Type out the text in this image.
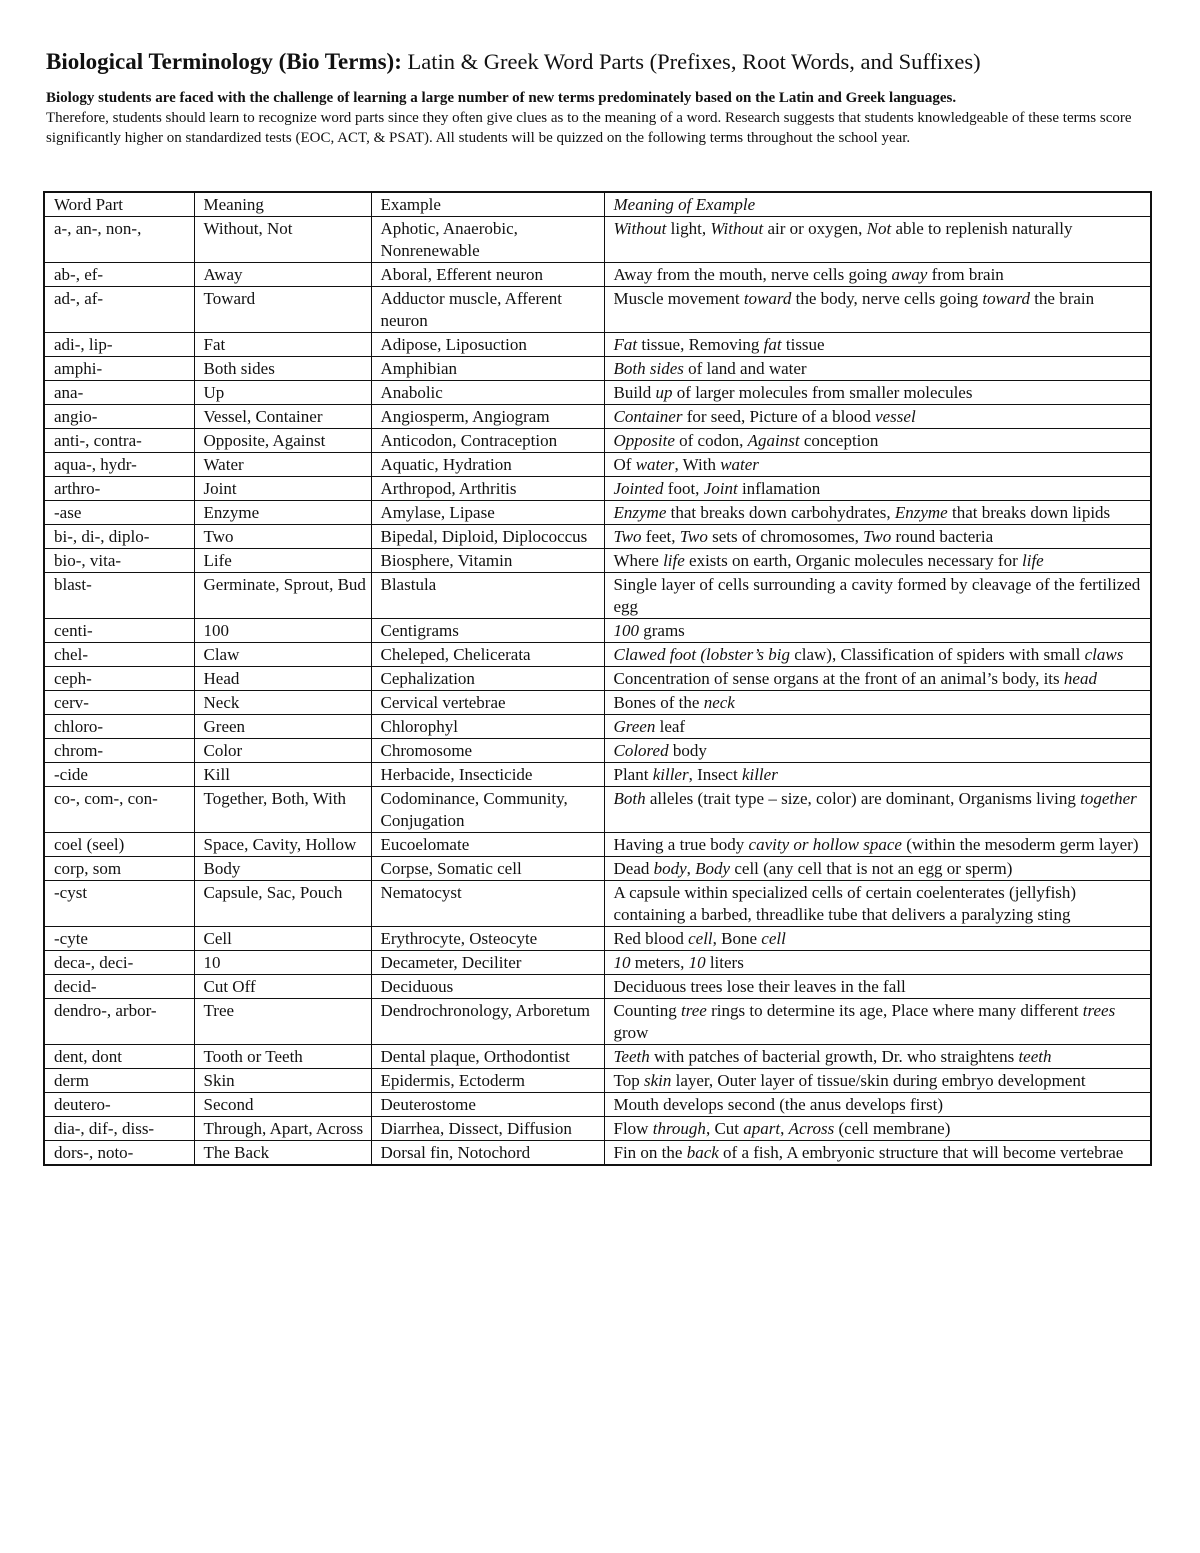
Biological Terminology (Bio Terms): Latin & Greek Word Parts (Prefixes, Root Words, and Suffixes)
Biology students are faced with the challenge of learning a large number of new terms predominately based on the Latin and Greek languages.
Therefore, students should learn to recognize word parts since they often give clues as to the meaning of a word. Research suggests that students knowledgeable of these terms score significantly higher on standardized tests (EOC, ACT, & PSAT). All students will be quizzed on the following terms throughout the school year.
Word Part	Meaning	Example	Meaning of Example
a-, an-, non-,	Without, Not	Aphotic, Anaerobic, Nonrenewable	Without light, Without air or oxygen, Not able to replenish naturally
ab-, ef-	Away	Aboral, Efferent neuron	Away from the mouth, nerve cells going away from brain
ad-, af-	Toward	Adductor muscle, Afferent neuron	Muscle movement toward the body, nerve cells going toward the brain
adi-, lip-	Fat	Adipose, Liposuction	Fat tissue, Removing fat tissue
amphi-	Both sides	Amphibian	Both sides of land and water
ana-	Up	Anabolic	Build up of larger molecules from smaller molecules
angio-	Vessel, Container	Angiosperm, Angiogram	Container for seed, Picture of a blood vessel
anti-, contra-	Opposite, Against	Anticodon, Contraception	Opposite of codon, Against conception
aqua-, hydr-	Water	Aquatic, Hydration	Of water, With water
arthro-	Joint	Arthropod, Arthritis	Jointed foot, Joint inflamation
-ase	Enzyme	Amylase, Lipase	Enzyme that breaks down carbohydrates, Enzyme that breaks down lipids
bi-, di-, diplo-	Two	Bipedal, Diploid, Diplococcus	Two feet, Two sets of chromosomes, Two round bacteria
bio-, vita-	Life	Biosphere, Vitamin	Where life exists on earth, Organic molecules necessary for life
blast-	Germinate, Sprout, Bud	Blastula	Single layer of cells surrounding a cavity formed by cleavage of the fertilized egg
centi-	100	Centigrams	100 grams
chel-	Claw	Cheleped, Chelicerata	Clawed foot (lobster’s big claw), Classification of spiders with small claws
ceph-	Head	Cephalization	Concentration of sense organs at the front of an animal’s body, its head
cerv-	Neck	Cervical vertebrae	Bones of the neck
chloro-	Green	Chlorophyl	Green leaf
chrom-	Color	Chromosome	Colored body
-cide	Kill	Herbacide, Insecticide	Plant killer, Insect killer
co-, com-, con-	Together, Both, With	Codominance, Community, Conjugation	Both alleles (trait type – size, color) are dominant, Organisms living together
coel (seel)	Space, Cavity, Hollow	Eucoelomate	Having a true body cavity or hollow space (within the mesoderm germ layer)
corp, som	Body	Corpse, Somatic cell	Dead body, Body cell (any cell that is not an egg or sperm)
-cyst	Capsule, Sac, Pouch	Nematocyst	A capsule within specialized cells of certain coelenterates (jellyfish) containing a barbed, threadlike tube that delivers a paralyzing sting
-cyte	Cell	Erythrocyte, Osteocyte	Red blood cell, Bone cell
deca-, deci-	10	Decameter, Deciliter	10 meters, 10 liters
decid-	Cut Off	Deciduous	Deciduous trees lose their leaves in the fall
dendro-, arbor-	Tree	Dendrochronology, Arboretum	Counting tree rings to determine its age, Place where many different trees grow
dent, dont	Tooth or Teeth	Dental plaque, Orthodontist	Teeth with patches of bacterial growth, Dr. who straightens teeth
derm	Skin	Epidermis, Ectoderm	Top skin layer, Outer layer of tissue/skin during embryo development
deutero-	Second	Deuterostome	Mouth develops second (the anus develops first)
dia-, dif-, diss-	Through, Apart, Across	Diarrhea, Dissect, Diffusion	Flow through, Cut apart, Across (cell membrane)
dors-, noto-	The Back	Dorsal fin, Notochord	Fin on the back of a fish, A embryonic structure that will become vertebrae
